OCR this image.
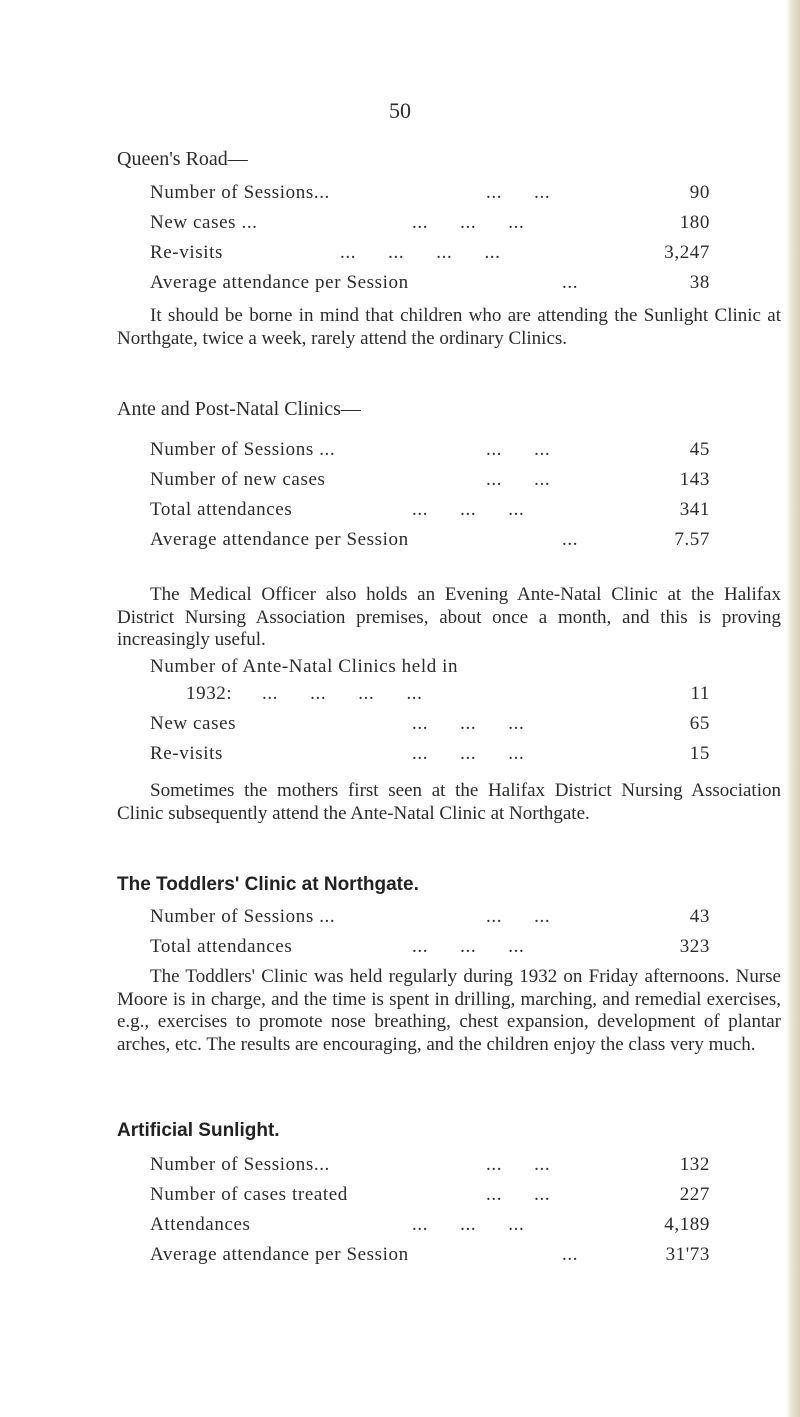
50
Queen's Road—
Number of Sessions...	...      ...	90
New cases ...	...      ...      ...	180
Re-visits	...      ...      ...      ...	3,247
Average attendance per Session	...	38
It should be borne in mind that children who are attending the Sunlight Clinic at Northgate, twice a week, rarely attend the ordinary Clinics.
Ante and Post-Natal Clinics—
Number of Sessions ...	...      ...	45
Number of new cases	...      ...	143
Total attendances	...      ...      ...	341
Average attendance per Session	...	7.57
The Medical Officer also holds an Evening Ante-Natal Clinic at the Halifax District Nursing Association premises, about once a month, and this is proving increasingly useful.
Number of Ante-Natal Clinics held in
1932: ...      ...      ...      ...	11
New cases	...      ...      ...	65
Re-visits	...      ...      ...	15
Sometimes the mothers first seen at the Halifax District Nursing Association Clinic subsequently attend the Ante-Natal Clinic at Northgate.
The Toddlers' Clinic at Northgate.
Number of Sessions ...	...      ...	43
Total attendances	...      ...      ...	323
The Toddlers' Clinic was held regularly during 1932 on Friday afternoons. Nurse Moore is in charge, and the time is spent in drilling, marching, and remedial exercises, e.g., exercises to promote nose breathing, chest expansion, development of plantar arches, etc. The results are encouraging, and the children enjoy the class very much.
Artificial Sunlight.
Number of Sessions...	...      ...	132
Number of cases treated	...      ...	227
Attendances	...      ...      ...	4,189
Average attendance per Session	...	31'73
